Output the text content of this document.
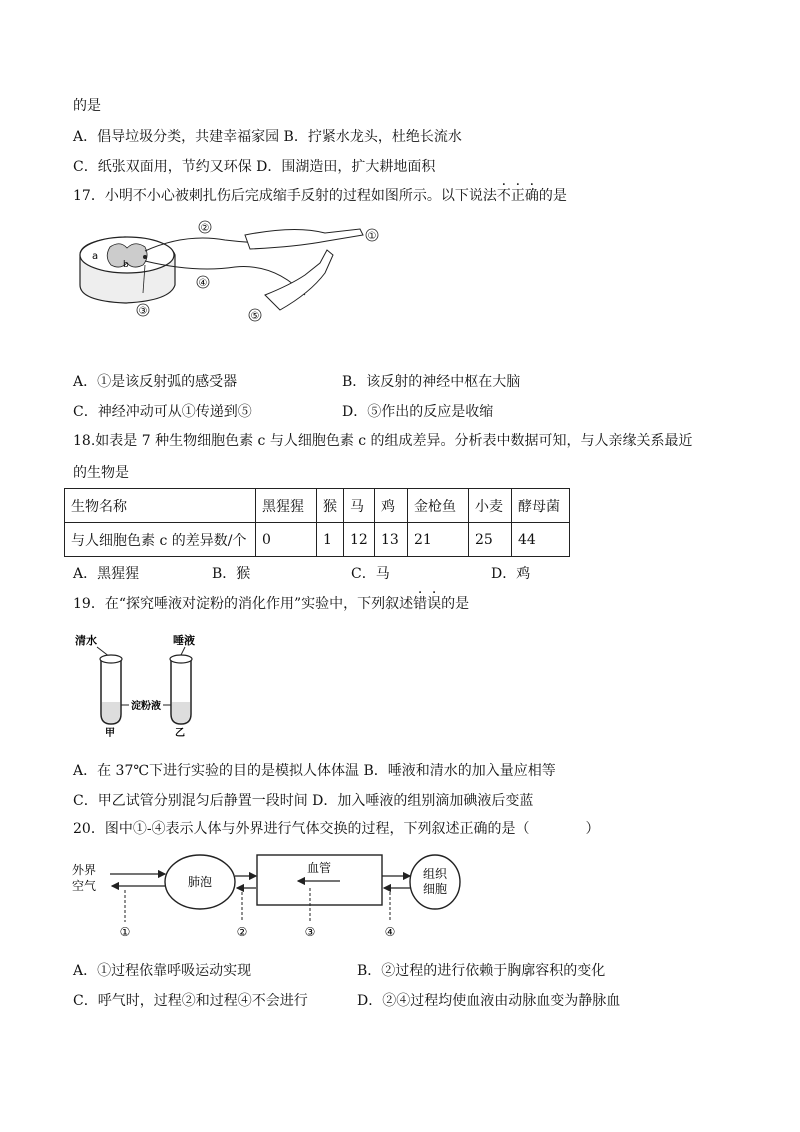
的是
A．倡导垃圾分类，共建幸福家园 B．拧紧水龙头，杜绝长流水
C．纸张双面用，节约又环保 D．围湖造田，扩大耕地面积
17．小明不小心被刺扎伤后完成缩手反射的过程如图所示。以下说法不正确的是
a
b
②
①
④
③	⑤
A．①是该反射弧的感受器	B．该反射的神经中枢在大脑
C．神经冲动可从①传递到⑤	D．⑤作出的反应是收缩
18.如表是 7 种生物细胞色素 c 与人细胞色素 c 的组成差异。分析表中数据可知，与人亲缘关系最近
的生物是
生物名称	黑猩猩	猴	马	鸡	金枪鱼	小麦	酵母菌
与人细胞色素 c 的差异数/个	0	1	12	13	21	25	44
A．黑猩猩	B．猴	C．马	D．鸡
19．在“探究唾液对淀粉的消化作用”实验中，下列叙述错误的是
清水	唾液
淀粉液
甲	乙
A．在 37℃下进行实验的目的是模拟人体体温 B．唾液和清水的加入量应相等
C．甲乙试管分别混匀后静置一段时间 D．加入唾液的组别滴加碘液后变蓝
20．图中①-④表示人体与外界进行气体交换的过程，下列叙述正确的是（	）
外界
空气	肺泡
血管	组织
细胞
①	②	③	④
A．①过程依靠呼吸运动实现	B．②过程的进行依赖于胸廓容积的变化
C．呼气时，过程②和过程④不会进行	D．②④过程均使血液由动脉血变为静脉血
